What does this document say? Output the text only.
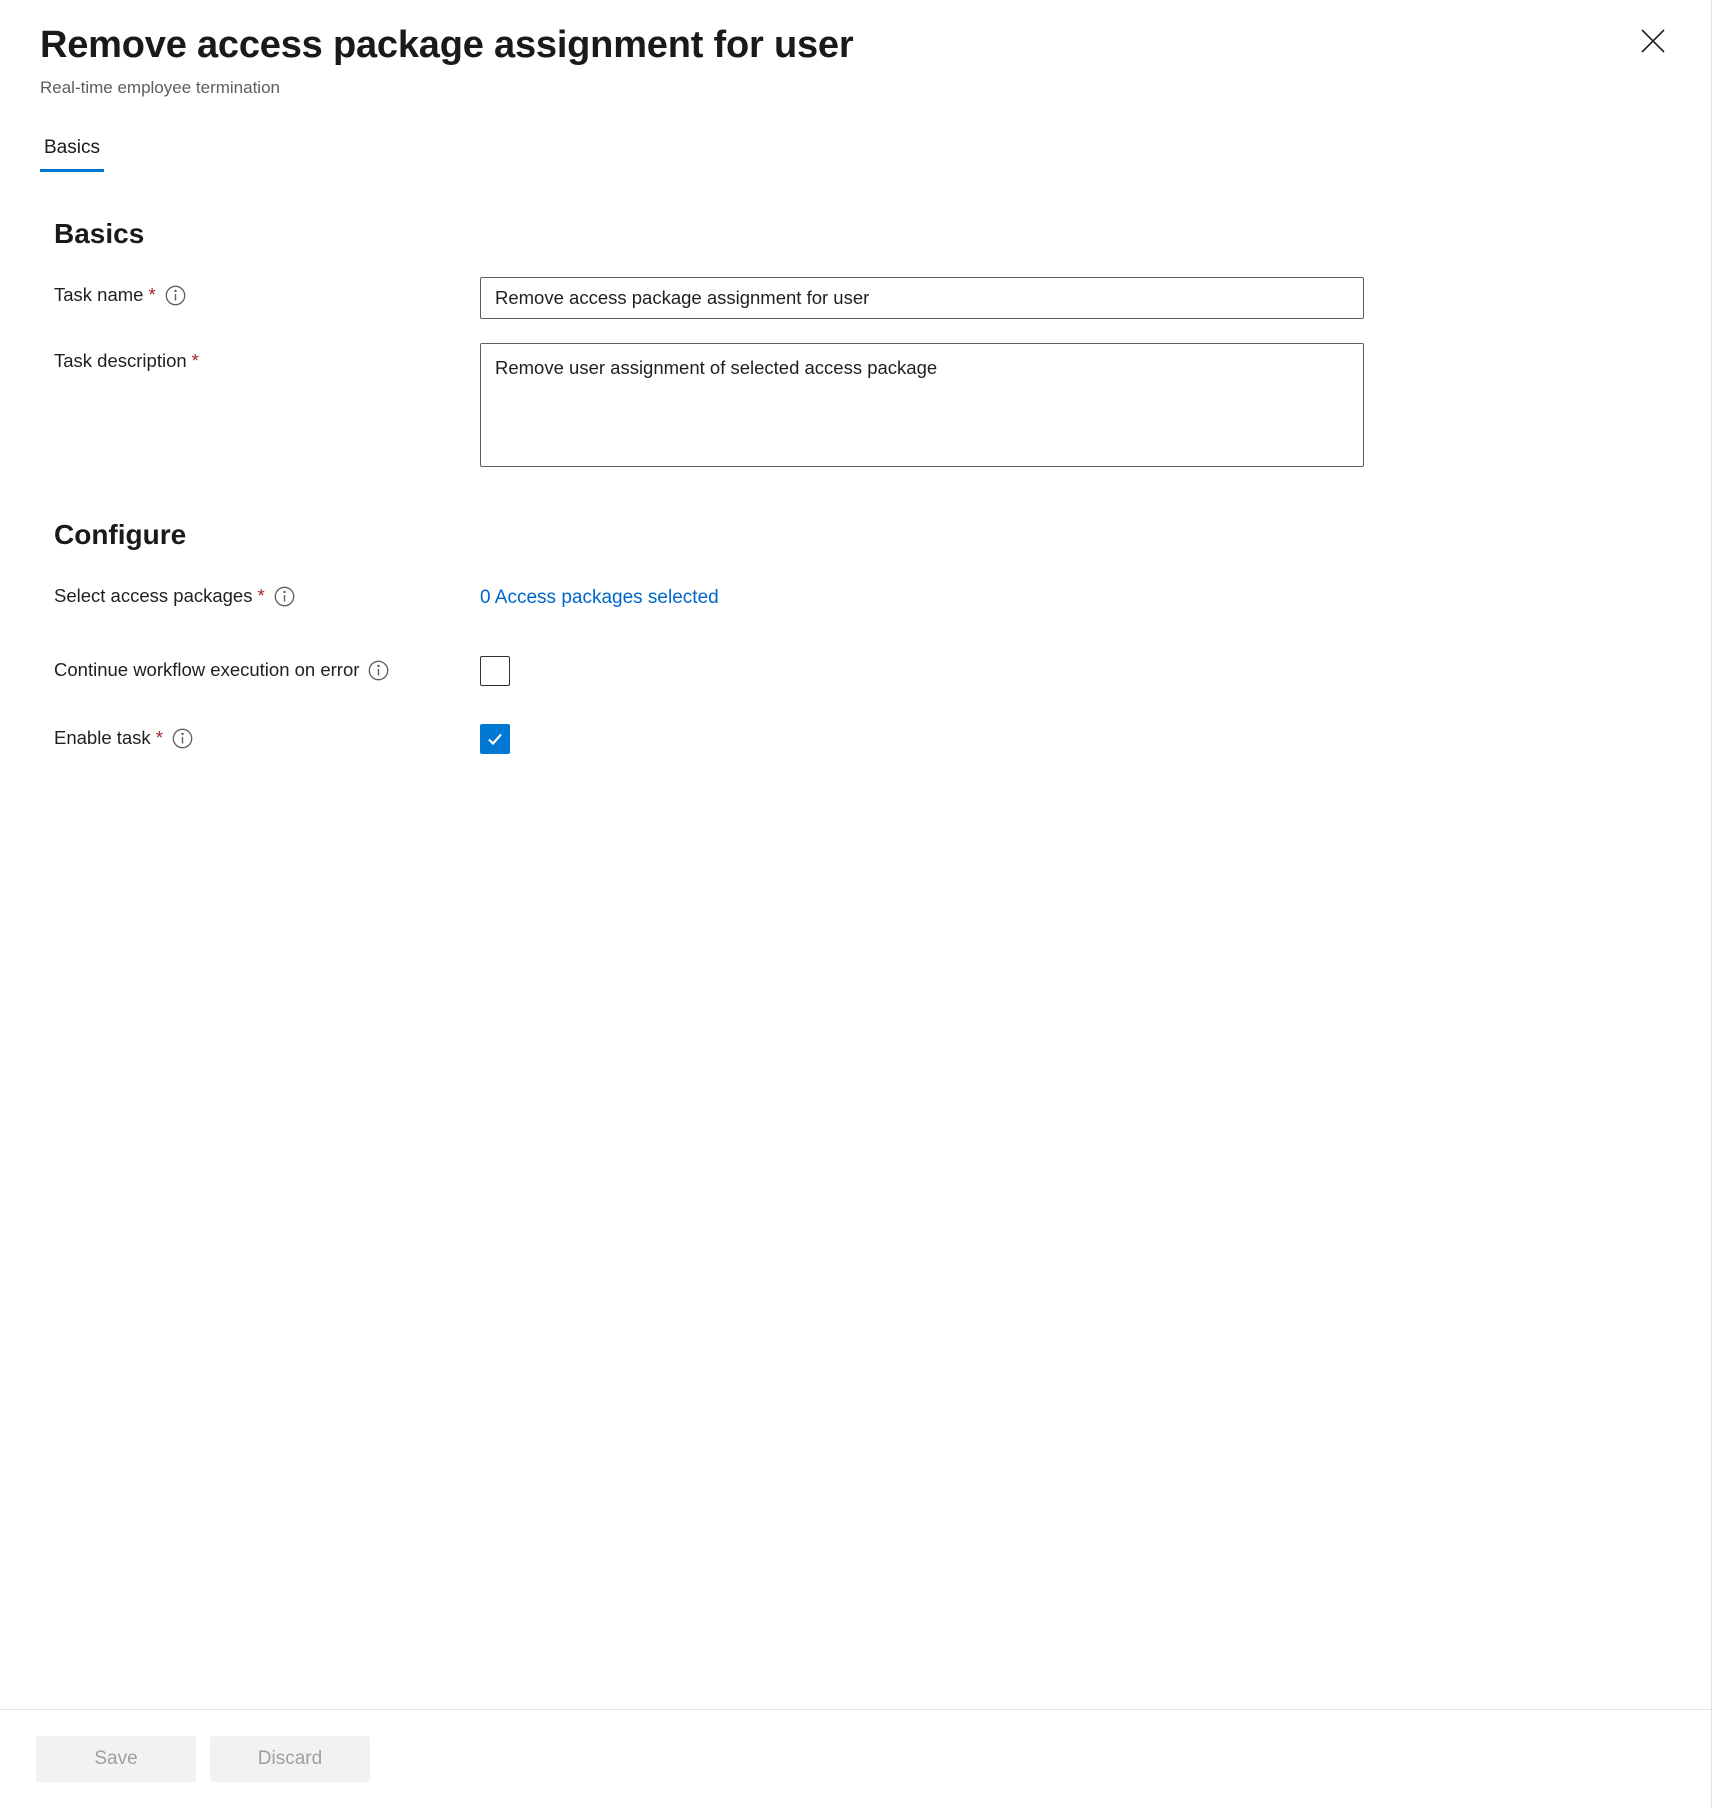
Remove access package assignment for user
Real-time employee termination
Basics
Basics
Task name *
Remove access package assignment for user
Task description *
Remove user assignment of selected access package
Configure
Select access packages *	0 Access packages selected
Continue workflow execution on error
Enable task *
Save	Discard
